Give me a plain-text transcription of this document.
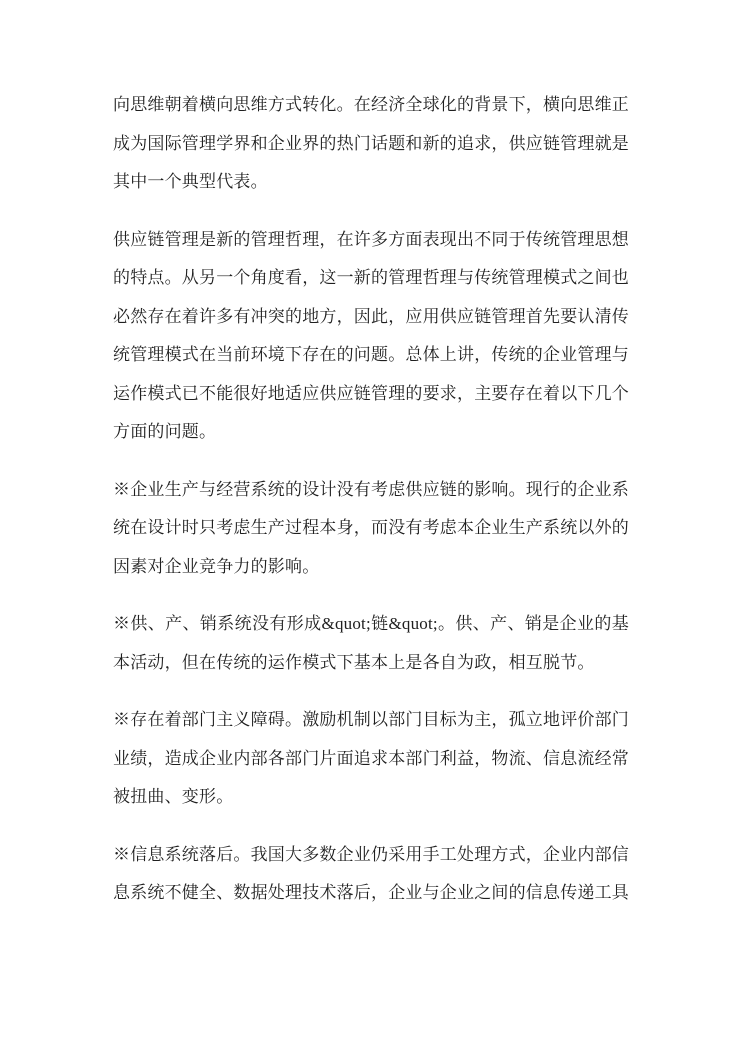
向思维朝着横向思维方式转化。在经济全球化的背景下，横向思维正成为国际管理学界和企业界的热门话题和新的追求，供应链管理就是其中一个典型代表。

供应链管理是新的管理哲理，在许多方面表现出不同于传统管理思想的特点。从另一个角度看，这一新的管理哲理与传统管理模式之间也必然存在着许多有冲突的地方，因此，应用供应链管理首先要认清传统管理模式在当前环境下存在的问题。总体上讲，传统的企业管理与运作模式已不能很好地适应供应链管理的要求，主要存在着以下几个方面的问题。

※企业生产与经营系统的设计没有考虑供应链的影响。现行的企业系统在设计时只考虑生产过程本身，而没有考虑本企业生产系统以外的因素对企业竞争力的影响。

※供、产、销系统没有形成&quot;链&quot;。供、产、销是企业的基本活动，但在传统的运作模式下基本上是各自为政，相互脱节。

※存在着部门主义障碍。激励机制以部门目标为主，孤立地评价部门业绩，造成企业内部各部门片面追求本部门利益，物流、信息流经常被扭曲、变形。

※信息系统落后。我国大多数企业仍采用手工处理方式，企业内部信息系统不健全、数据处理技术落后，企业与企业之间的信息传递工具
